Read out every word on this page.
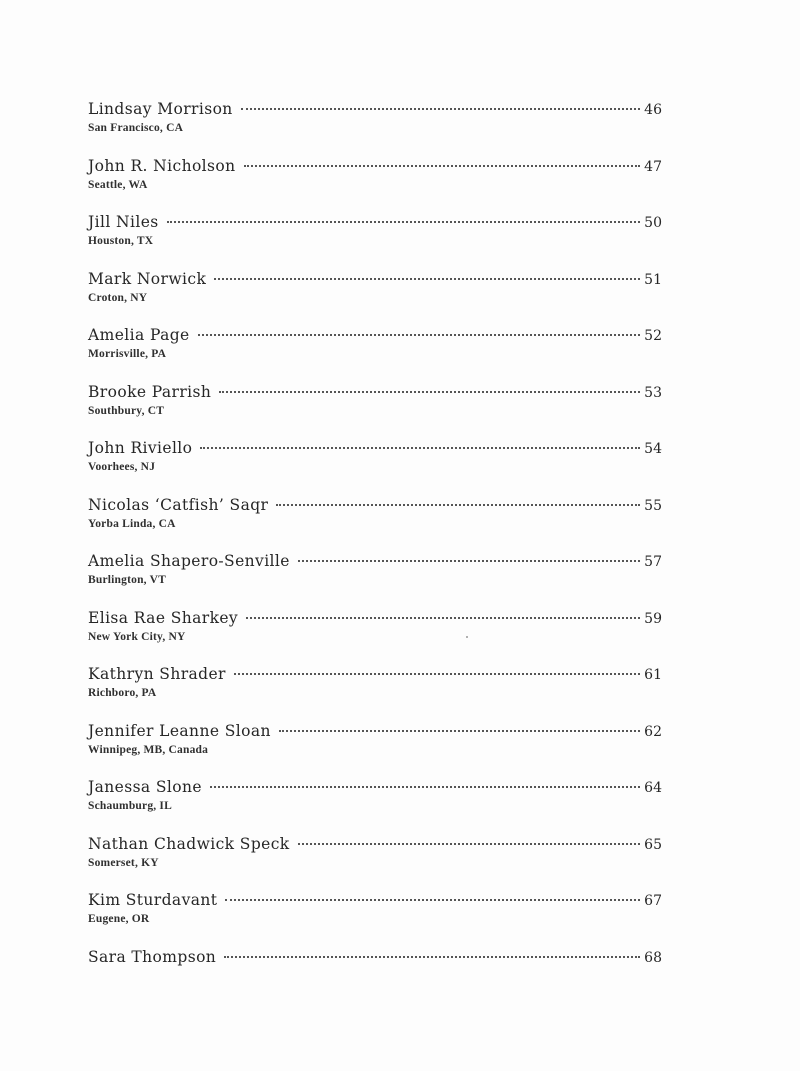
Lindsay Morrison	46
San Francisco, CA
John R. Nicholson	47
Seattle, WA
Jill Niles	50
Houston, TX
Mark Norwick	51
Croton, NY
Amelia Page	52
Morrisville, PA
Brooke Parrish	53
Southbury, CT
John Riviello	54
Voorhees, NJ
Nicolas ‘Catfish’ Saqr	55
Yorba Linda, CA
Amelia Shapero-Senville	57
Burlington, VT
Elisa Rae Sharkey	59
New York City, NY
Kathryn Shrader	61
Richboro, PA
Jennifer Leanne Sloan	62
Winnipeg, MB, Canada
Janessa Slone	64
Schaumburg, IL
Nathan Chadwick Speck	65
Somerset, KY
Kim Sturdavant	67
Eugene, OR
Sara Thompson	68
